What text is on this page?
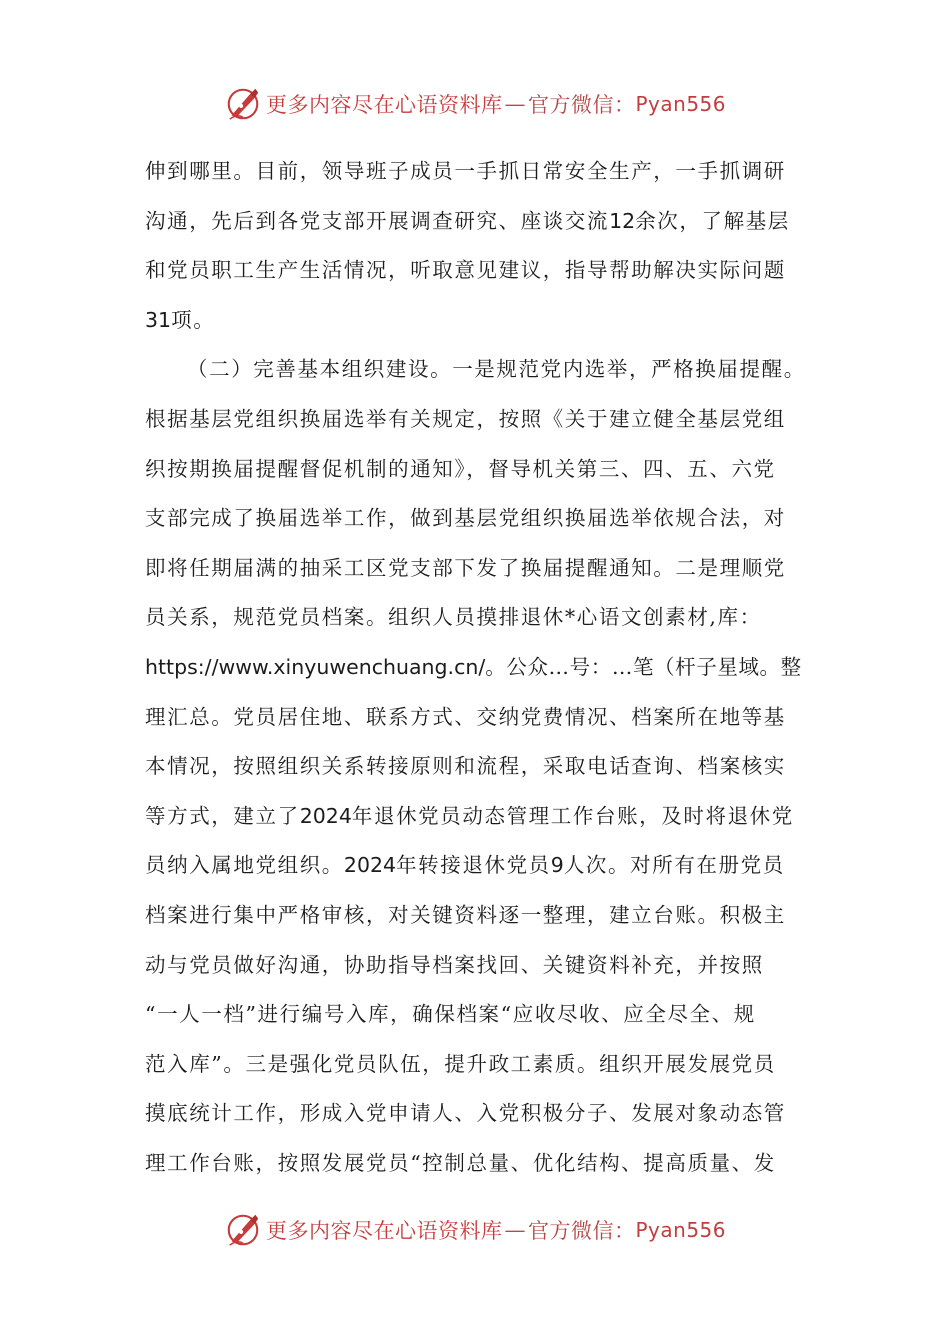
更多内容尽在心语资料库 — 官方微信： Pyan556
伸到哪里。目前，领导班子成员一手抓日常安全生产，一手抓调研
沟通，先后到各党支部开展调查研究、座谈交流12余次，了解基层
和党员职工生产生活情况，听取意见建议，指导帮助解决实际问题
31项。
（二）完善基本组织建设。一是规范党内选举，严格换届提醒。
根据基层党组织换届选举有关规定，按照《关于建立健全基层党组
织按期换届提醒督促机制的通知》，督导机关第三、四、五、六党
支部完成了换届选举工作，做到基层党组织换届选举依规合法，对
即将任期届满的抽采工区党支部下发了换届提醒通知。二是理顺党
员关系，规范党员档案。组织人员摸排退休*心语文创素材,库：
https://www.xinyuwenchuang.cn/。公众…号：…笔（杆子星域。整
理汇总。党员居住地、联系方式、交纳党费情况、档案所在地等基
本情况，按照组织关系转接原则和流程，采取电话查询、档案核实
等方式，建立了2024年退休党员动态管理工作台账，及时将退休党
员纳入属地党组织。2024年转接退休党员9人次。对所有在册党员
档案进行集中严格审核，对关键资料逐一整理，建立台账。积极主
动与党员做好沟通，协助指导档案找回、关键资料补充，并按照
“一人一档”进行编号入库，确保档案“应收尽收、应全尽全、规
范入库”。三是强化党员队伍，提升政工素质。组织开展发展党员
摸底统计工作，形成入党申请人、入党积极分子、发展对象动态管
理工作台账，按照发展党员“控制总量、优化结构、提高质量、发
更多内容尽在心语资料库 — 官方微信： Pyan556
